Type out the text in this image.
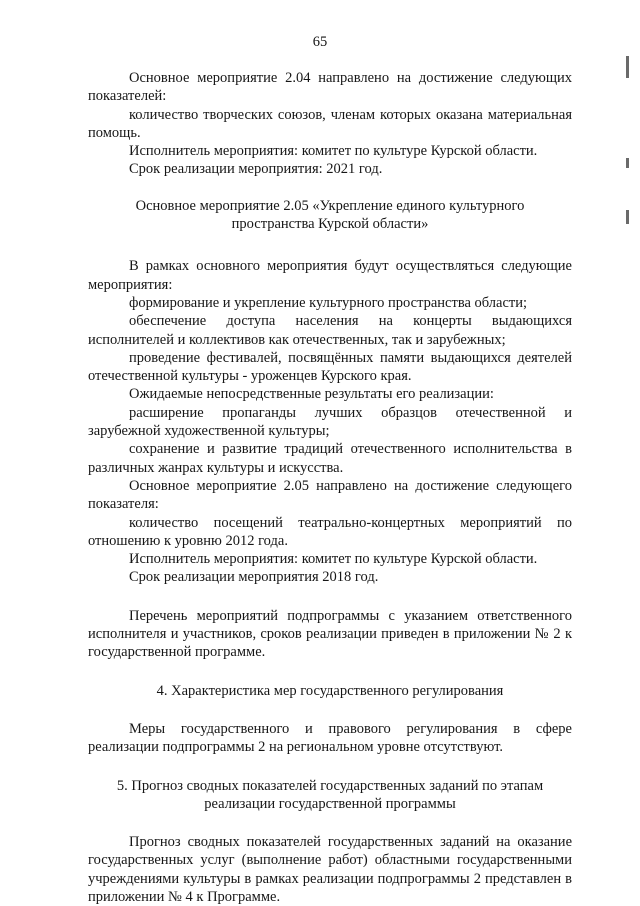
65

Основное мероприятие 2.04 направлено на достижение следующих показателей:

количество творческих союзов, членам которых оказана материальная помощь.

Исполнитель мероприятия: комитет по культуре Курской области.

Срок реализации мероприятия: 2021 год.

Основное мероприятие 2.05 «Укрепление единого культурного пространства Курской области»

В рамках основного мероприятия будут осуществляться следующие мероприятия:

формирование и укрепление культурного пространства области;

обеспечение доступа населения на концерты выдающихся исполнителей и коллективов как отечественных, так и зарубежных;

проведение фестивалей, посвящённых памяти выдающихся деятелей отечественной культуры - уроженцев Курского края.

Ожидаемые непосредственные результаты его реализации:

расширение пропаганды лучших образцов отечественной и зарубежной художественной культуры;

сохранение и развитие традиций отечественного исполнительства в различных жанрах культуры и искусства.

Основное мероприятие 2.05 направлено на достижение следующего показателя:

количество посещений театрально-концертных мероприятий по отношению к уровню 2012 года.

Исполнитель мероприятия: комитет по культуре Курской области.

Срок реализации мероприятия 2018 год.

Перечень мероприятий подпрограммы с указанием ответственного исполнителя и участников, сроков реализации приведен в приложении № 2 к государственной программе.

4. Характеристика мер государственного регулирования

Меры государственного и правового регулирования в сфере реализации подпрограммы 2 на региональном уровне отсутствуют.

5. Прогноз сводных показателей государственных заданий по этапам реализации государственной программы

Прогноз сводных показателей государственных заданий на оказание государственных услуг (выполнение работ) областными государственными учреждениями культуры в рамках реализации подпрограммы 2 представлен в приложении № 4 к Программе.
